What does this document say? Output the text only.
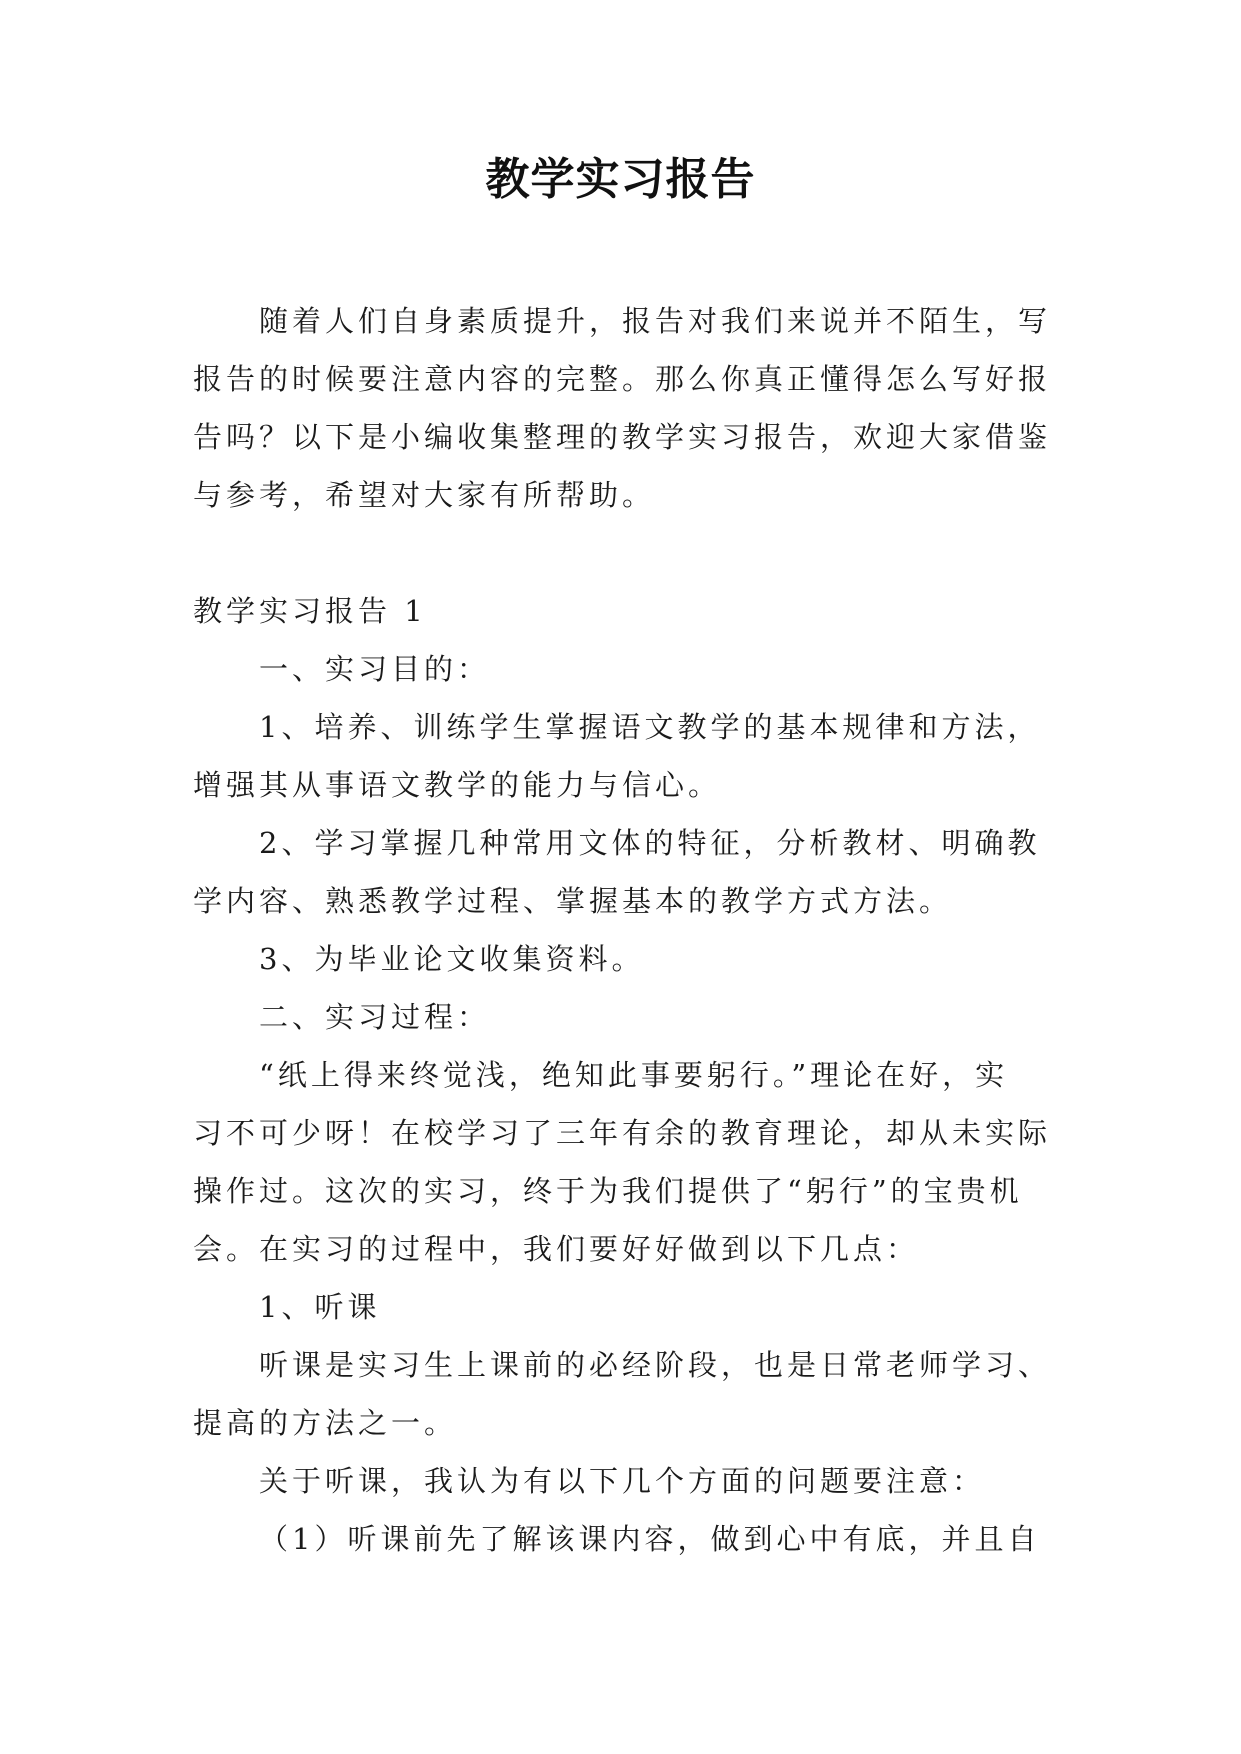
教学实习报告

随着人们自身素质提升，报告对我们来说并不陌生，写

报告的时候要注意内容的完整。那么你真正懂得怎么写好报

告吗？以下是小编收集整理的教学实习报告，欢迎大家借鉴

与参考，希望对大家有所帮助。

教学实习报告 1

一、实习目的：

1、培养、训练学生掌握语文教学的基本规律和方法，

增强其从事语文教学的能力与信心。

2、学习掌握几种常用文体的特征，分析教材、明确教

学内容、熟悉教学过程、掌握基本的教学方式方法。

3、为毕业论文收集资料。

二、实习过程：

“纸上得来终觉浅，绝知此事要躬行。”理论在好，实

习不可少呀！在校学习了三年有余的教育理论，却从未实际

操作过。这次的实习，终于为我们提供了“躬行”的宝贵机

会。在实习的过程中，我们要好好做到以下几点：

1、听课

听课是实习生上课前的必经阶段，也是日常老师学习、

提高的方法之一。

关于听课，我认为有以下几个方面的问题要注意：

（1）听课前先了解该课内容，做到心中有底，并且自
